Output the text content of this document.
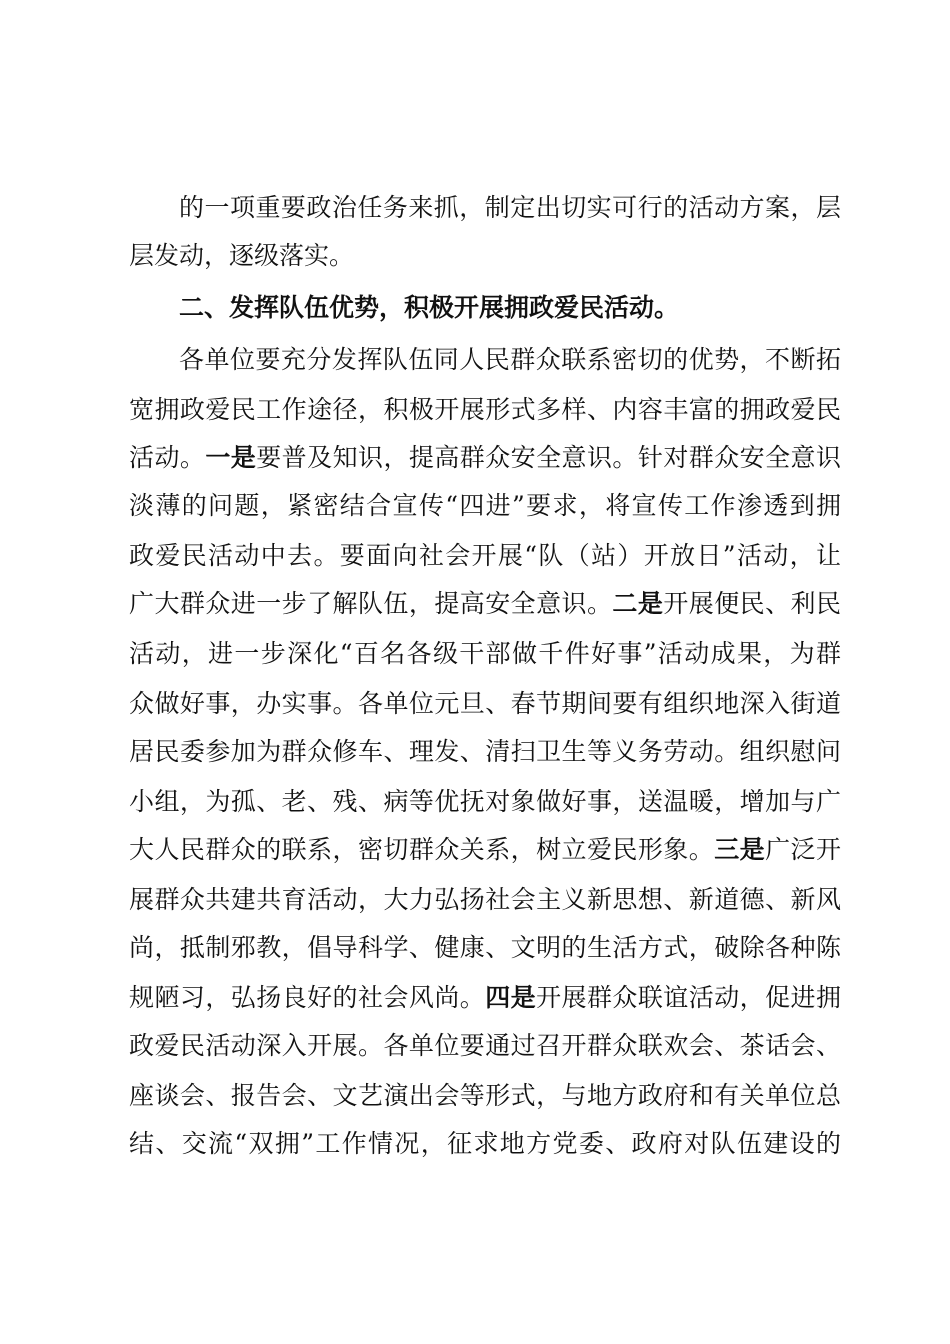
的一项重要政治任务来抓，制定出切实可行的活动方案，层
层发动，逐级落实。
二、发挥队伍优势，积极开展拥政爱民活动。
各单位要充分发挥队伍同人民群众联系密切的优势，不断拓
宽拥政爱民工作途径，积极开展形式多样、内容丰富的拥政爱民
活动。一是要普及知识，提高群众安全意识。针对群众安全意识
淡薄的问题，紧密结合宣传“四进”要求，将宣传工作渗透到拥
政爱民活动中去。要面向社会开展“队（站）开放日”活动，让
广大群众进一步了解队伍，提高安全意识。二是开展便民、利民
活动，进一步深化“百名各级干部做千件好事”活动成果，为群
众做好事，办实事。各单位元旦、春节期间要有组织地深入街道
居民委参加为群众修车、理发、清扫卫生等义务劳动。组织慰问
小组，为孤、老、残、病等优抚对象做好事，送温暖，增加与广
大人民群众的联系，密切群众关系，树立爱民形象。三是广泛开
展群众共建共育活动，大力弘扬社会主义新思想、新道德、新风
尚，抵制邪教，倡导科学、健康、文明的生活方式，破除各种陈
规陋习，弘扬良好的社会风尚。四是开展群众联谊活动，促进拥
政爱民活动深入开展。各单位要通过召开群众联欢会、茶话会、
座谈会、报告会、文艺演出会等形式，与地方政府和有关单位总
结、交流“双拥”工作情况，征求地方党委、政府对队伍建设的
